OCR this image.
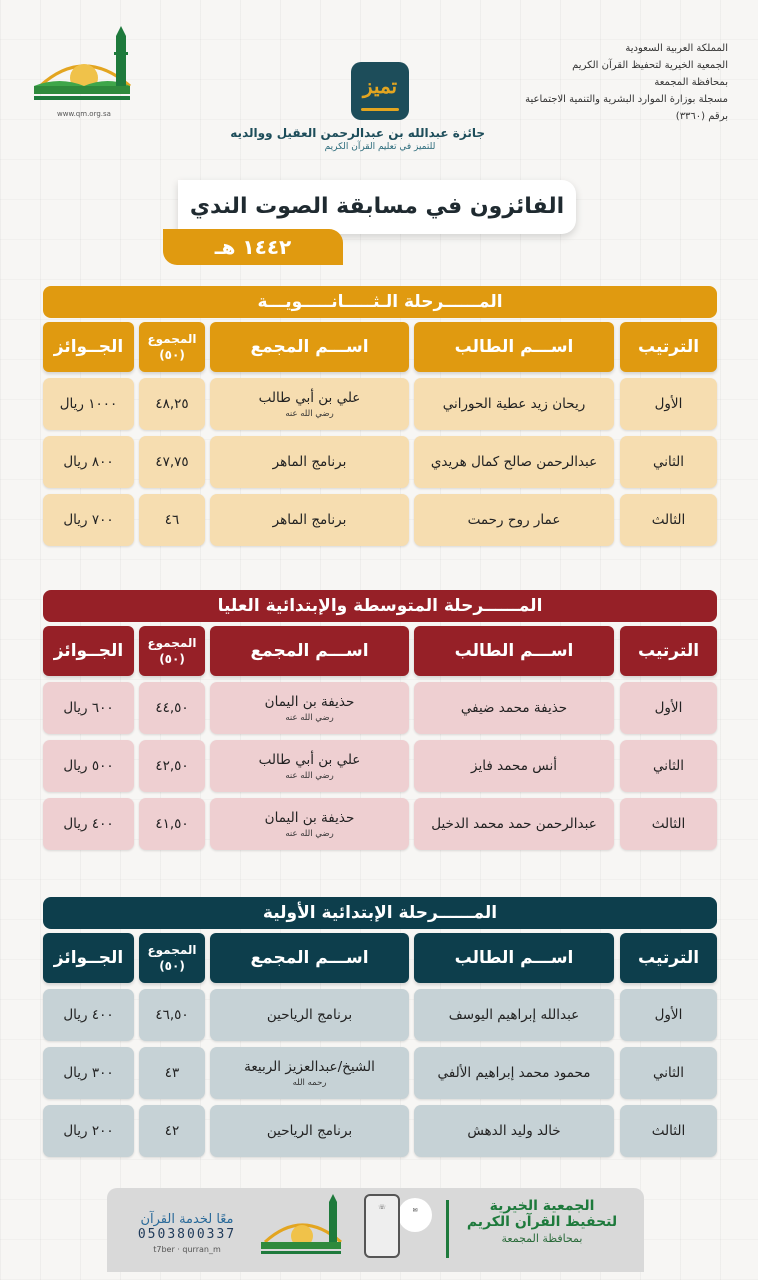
المملكة العربية السعودية
الجمعية الخيرية لتحفيظ القرآن الكريم
بمحافظة المجمعة
مسجلة بوزارة الموارد البشرية والتنمية الاجتماعية
برقم (٣٣٦٠)
تميز
جائزة عبدالله بن عبدالرحمن العقيل ووالديه
للتميز في تعليم القرآن الكريم
www.qm.org.sa
الفائزون في مسابقة الصوت الندي
١٤٤٢ هـ
المــــــرحلة الـثـــــانـــــويـــة
الترتيب
اســـم الطالب
اســـم المجمع
المجموع (٥٠)
الجــوائز
الأول
ريحان زيد عطية الحوراني
علي بن أبي طالب
رضي الله عنه
٤٨,٢٥
١٠٠٠ ريال
الثاني
عبدالرحمن صالح كمال هريدي
برنامج الماهر
٤٧,٧٥
٨٠٠ ريال
الثالث
عمار روح رحمت
برنامج الماهر
٤٦
٧٠٠ ريال
المــــــرحلة المتوسطة والإبتدائية العليا
الترتيب
اســـم الطالب
اســـم المجمع
المجموع (٥٠)
الجــوائز
الأول
حذيفة محمد ضيفي
حذيفة بن اليمان
رضي الله عنه
٤٤,٥٠
٦٠٠ ريال
الثاني
أنس محمد فايز
علي بن أبي طالب
رضي الله عنه
٤٢,٥٠
٥٠٠ ريال
الثالث
عبدالرحمن حمد محمد الدخيل
حذيفة بن اليمان
رضي الله عنه
٤١,٥٠
٤٠٠ ريال
المــــــرحلة الإبتدائية الأولية
الترتيب
اســـم الطالب
اســـم المجمع
المجموع (٥٠)
الجــوائز
الأول
عبدالله إبراهيم اليوسف
برنامج الرياحين
٤٦,٥٠
٤٠٠ ريال
الثاني
محمود محمد إبراهيم الألفي
الشيخ/عبدالعزيز الربيعة
رحمه الله
٤٣
٣٠٠ ريال
الثالث
خالد وليد الدهش
برنامج الرياحين
٤٢
٢٠٠ ريال
الجمعية الخيرية
لتحفيظ القرآن الكريم
بمحافظة المجمعة
✉
☏
معًا لخدمة القرآن
0503800337
t7ber · qurran_m
